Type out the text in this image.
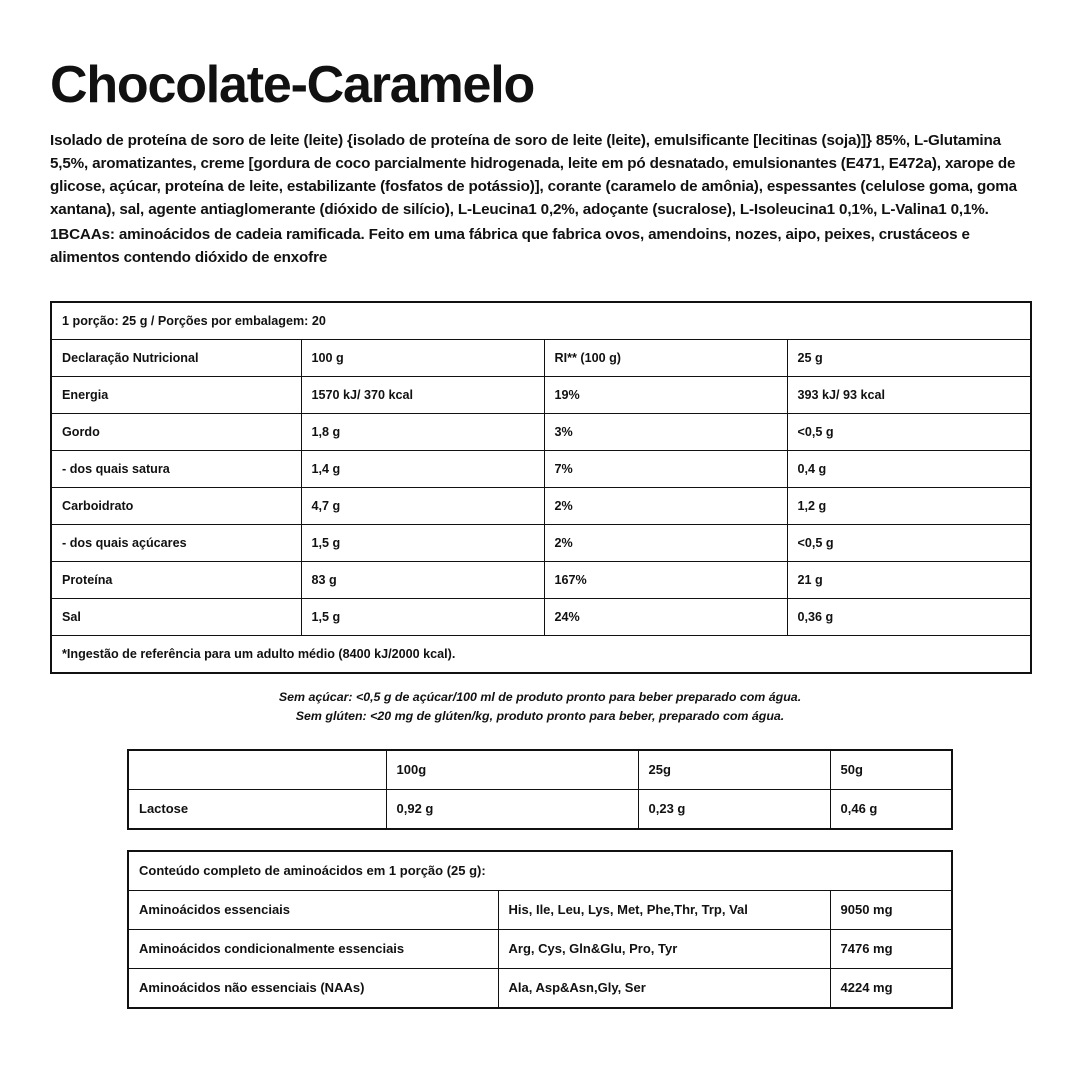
Chocolate-Caramelo

Isolado de proteína de soro de leite (leite) {isolado de proteína de soro de leite (leite), emulsificante [lecitinas (soja)]} 85%, L-Glutamina 5,5%, aromatizantes, creme [gordura de coco parcialmente hidrogenada, leite em pó desnatado, emulsionantes (E471, E472a), xarope de glicose, açúcar, proteína de leite, estabilizante (fosfatos de potássio)], corante (caramelo de amônia), espessantes (celulose goma, goma xantana), sal, agente antiaglomerante (dióxido de silício), L-Leucina1 0,2%, adoçante (sucralose), L-Isoleucina1 0,1%, L-Valina1 0,1%.

1BCAAs: aminoácidos de cadeia ramificada. Feito em uma fábrica que fabrica ovos, amendoins, nozes, aipo, peixes, crustáceos e alimentos contendo dióxido de enxofre

1 porção: 25 g / Porções por embalagem: 20			
Declaração Nutricional	100 g	RI** (100 g)	25 g
Energia	1570 kJ/ 370 kcal	19%	393 kJ/ 93 kcal
Gordo	1,8 g	3%	<0,5 g
- dos quais satura	1,4 g	7%	0,4 g
Carboidrato	4,7 g	2%	1,2 g
- dos quais açúcares	1,5 g	2%	<0,5 g
Proteína	83 g	167%	21 g
Sal	1,5 g	24%	0,36 g
*Ingestão de referência para um adulto médio (8400 kJ/2000 kcal).			
Sem açúcar: <0,5 g de açúcar/100 ml de produto pronto para beber preparado com água.
Sem glúten: <20 mg de glúten/kg, produto pronto para beber, preparado com água.
	100g	25g	50g
Lactose	0,92 g	0,23 g	0,46 g
Conteúdo completo de aminoácidos em 1 porção (25 g):		
Aminoácidos essenciais	His, Ile, Leu, Lys, Met, Phe,Thr, Trp, Val	9050 mg
Aminoácidos condicionalmente essenciais	Arg, Cys, Gln&Glu, Pro, Tyr	7476 mg
Aminoácidos não essenciais (NAAs)	Ala, Asp&Asn,Gly, Ser	4224 mg
